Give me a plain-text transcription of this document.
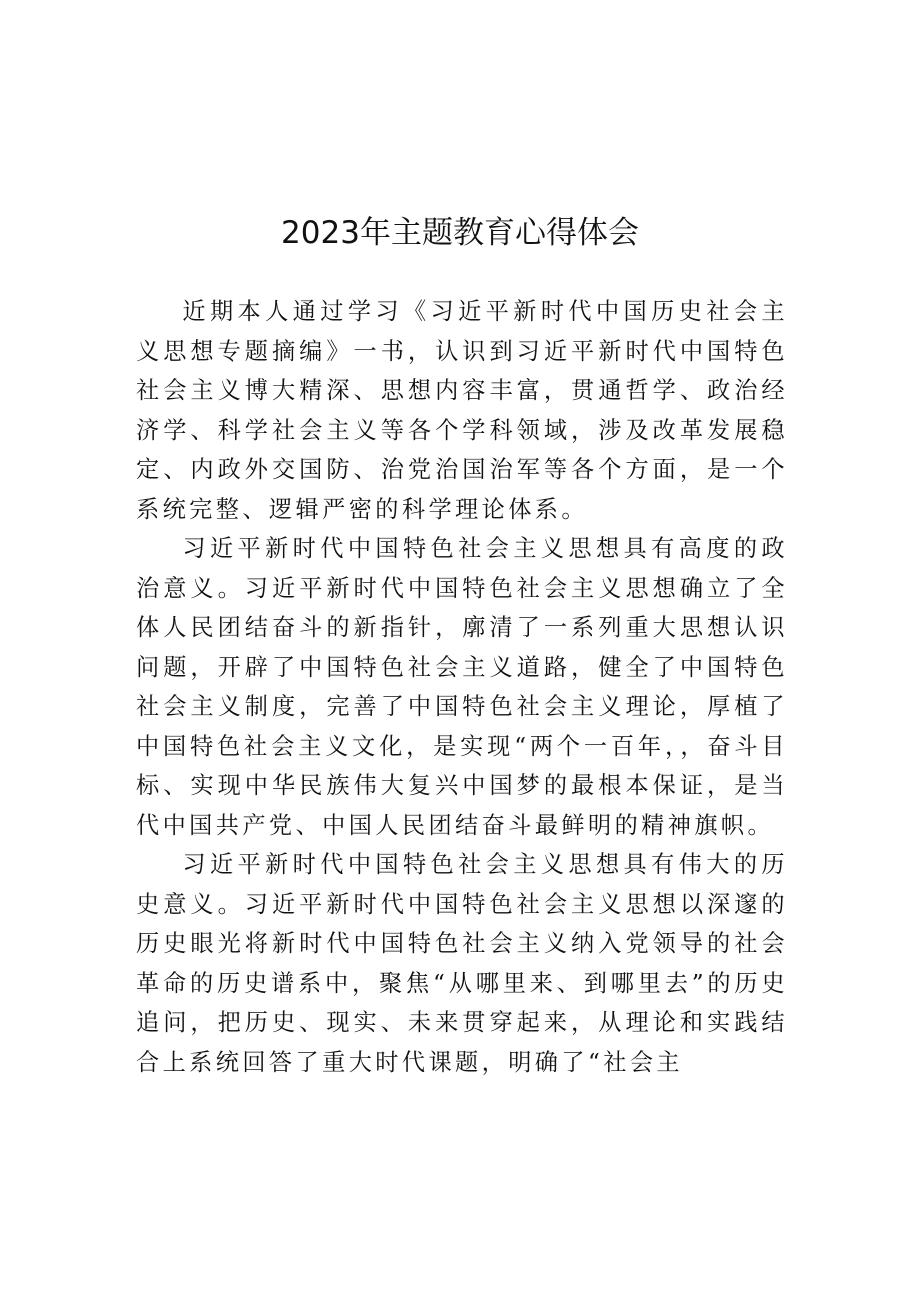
2023年主题教育心得体会

近期本人通过学习《习近平新时代中国历史社会主义思想专题摘编》一书，认识到习近平新时代中国特色社会主义博大精深、思想内容丰富，贯通哲学、政治经济学、科学社会主义等各个学科领域，涉及改革发展稳定、内政外交国防、治党治国治军等各个方面，是一个系统完整、逻辑严密的科学理论体系。

习近平新时代中国特色社会主义思想具有高度的政治意义。习近平新时代中国特色社会主义思想确立了全体人民团结奋斗的新指针，廓清了一系列重大思想认识问题，开辟了中国特色社会主义道路，健全了中国特色社会主义制度，完善了中国特色社会主义理论，厚植了中国特色社会主义文化，是实现“两个一百年，，奋斗目标、实现中华民族伟大复兴中国梦的最根本保证，是当代中国共产党、中国人民团结奋斗最鲜明的精神旗帜。

习近平新时代中国特色社会主义思想具有伟大的历史意义。习近平新时代中国特色社会主义思想以深邃的历史眼光将新时代中国特色社会主义纳入党领导的社会革命的历史谱系中，聚焦“从哪里来、到哪里去”的历史追问，把历史、现实、未来贯穿起来，从理论和实践结合上系统回答了重大时代课题，明确了“社会主
